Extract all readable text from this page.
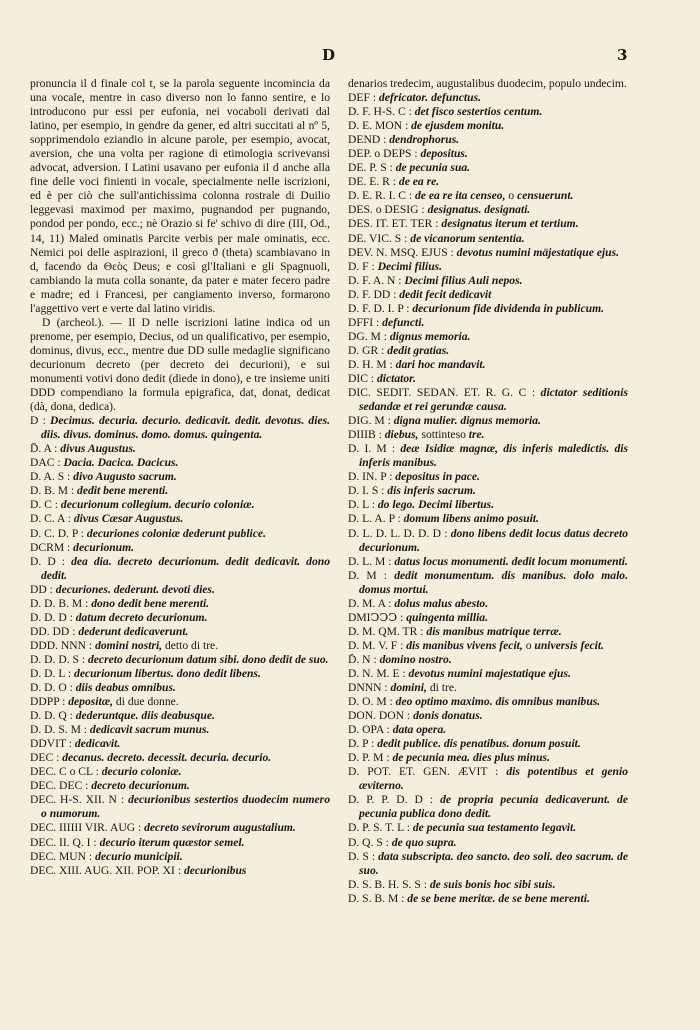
D	3

pronuncia il d finale col t, se la parola seguente incomincia da una vocale, mentre in caso diverso non lo fanno sentire, e lo introducono pur essi per eufonia, nei vocaboli derivati dal latino, per esempio, in gendre da gener, ed altri succitati al nº 5, sopprimendolo eziandio in alcune parole, per esempio, avocat, aversion, che una volta per ragione di etimologia scrivevansi advocat, adversion. I Latini usavano per eufonia il d anche alla fine delle voci finienti in vocale, specialmente nelle iscrizioni, ed è per ciò che sull'antichissima colonna rostrale di Duilio leggevasi maximod per maximo, pugnandod per pugnando, pondod per pondo, ecc.; nè Orazio si fe' schivo di dire (III, Od., 14, 11) Maled ominatis Parcite verbis per male ominatis, ecc. Nemici poi delle aspirazioni, il greco ϑ (theta) scambiavano in d, facendo da Θεὸς Deus; e così gl'Italiani e gli Spagnuoli, cambiando la muta colla sonante, da pater e mater fecero padre e madre; ed i Francesi, per cangiamento inverso, formarono l'aggettivo vert e verte dal latino viridis.

D (archeol.). — Il D nelle iscrizioni latine indica od un prenome, per esempio, Decius, od un qualificativo, per esempio, dominus, divus, ecc., mentre due DD sulle medaglie significano decurionum decreto (per decreto dei decurioni), e sui monumenti votivi dono dedit (diede in dono), e tre insieme uniti DDD compendiano la formula epigrafica, dat, donat, dedicat (dà, dona, dedica).

D : Decimus. decuria. decurio. dedicavit. dedit. devotus. dies. diis. divus. dominus. domo. domus. quingenta.

D̄. A : divus Augustus.

DAC : Dacia. Dacica. Dacicus.

D. A. S : divo Augusto sacrum.

D. B. M : dedit bene merenti.

D. C : decurionum collegium. decurio coloniæ.

D. C. A : divus Cæsar Augustus.

D. C. D. P : decuriones coloniæ dederunt publice.

DCRM : decurionum.

D. D : dea dia. decreto decurionum. dedit dedicavit. dono dedit.

DD : decuriones. dederunt. devoti dies.

D. D. B. M : dono dedit bene merenti.

D. D. D : datum decreto decurionum.

DD. DD : dederunt dedicaverunt.

DDD. NNN : domini nostri, detto di tre.

D. D. D. S : decreto decurionum datum sibi. dono dedit de suo.

D. D. L : decurionum libertus. dono dedit libens.

D. D. O : diis deabus omnibus.

DDPP : depositæ, di due donne.

D. D. Q : dederuntque. diis deabusque.

D. D. S. M : dedicavit sacrum munus.

DDVIT : dedicavit.

DEC : decanus. decreto. decessit. decuria. decurio.

DEC. C o CL : decurio coloniæ.

DEC. DEC : decreto decurionum.

DEC. H-S. XII. N : decurionibus sestertios duodecim numero o numorum.

DEC. IIIIII VIR. AUG : decreto sevirorum augustalium.

DEC. II. Q. I : decurio iterum quæstor semel.

DEC. MUN : decurio municipii.

DEC. XIII. AUG. XII. POP. XI : decurionibus

denarios tredecim, augustalibus duodecim, populo undecim.

DEF : defricator. defunctus.

D. F. H-S. C : det fisco sestertios centum.

D. E. MON : de ejusdem monitu.

DEND : dendrophorus.

DEP. o DEPS : depositus.

DE. P. S : de pecunia sua.

DE. E. R : de ea re.

D. E. R. I. C : de ea re ita censeo, o censuerunt.

DES. o DESIG : designatus. designati.

DES. IT. ET. TER : designatus iterum et tertium.

DE. VIC. S : de vicanorum sententia.

DEV. N. MSQ. EJUS : devotus numini mäjestatique ejus.

D. F : Decimi filius.

D. F. A. N : Decimi filius Auli nepos.

D. F. DD : dedit fecit dedicavit

D. F. D. I. P : decurionum fide dividenda in publicum.

DFFI : defuncti.

DG. M : dignus memoria.

D. GR : dedit gratias.

D. H. M : dari hoc mandavit.

DIC : dictator.

DIC. SEDIT. SEDAN. ET. R. G. C : dictator seditionis sedandæ et rei gerundæ causa.

DIG. M : digna mulier. dignus memoria.

DIIIB : diebus, sottinteso tre.

D. I. M : deæ Isidiæ magnæ, dis inferis maledictis. dis inferis manibus.

D. IN. P : depositus in pace.

D. I. S : dis inferis sacrum.

D. L : do lego. Decimi libertus.

D. L. A. P : domum libens animo posuit.

D. L. D. L. D. D. D : dono libens dedit locus datus decreto decurionum.

D. L. M : datus locus monumenti. dedit locum monumenti.

D. M : dedit monumentum. dis manibus. dolo malo. domus mortui.

D. M. A : dolus malus abesto.

DMIↃↃↃ : quingenta millia.

D. M. QM. TR : dis manibus matrique terræ.

D. M. V. F : dis manibus vivens fecit, o universis fecit.

D̄. N : domino nostro.

D. N. M. E : devotus numini majestatique ejus.

DNNN : domini, di tre.

D. O. M : deo optimo maximo. dis omnibus manibus.

DON. DON : donis donatus.

D. OPA : data opera.

D. P : dedit publice. dis penatibus. donum posuit.

D. P. M : de pecunia mea. dies plus minus.

D. POT. ET. GEN. ÆVIT : dis potentibus et genio æviterno.

D. P. P. D. D : de propria pecunia dedicaverunt. de pecunia publica dono dedit.

D. P. S. T. L : de pecunia sua testamento legavit.

D. Q. S : de quo supra.

D. S : data subscripta. deo sancto. deo soli. deo sacrum. de suo.

D. S. B. H. S. S : de suis bonis hoc sibi suis.

D. S. B. M : de se bene meritæ. de se bene merenti.
